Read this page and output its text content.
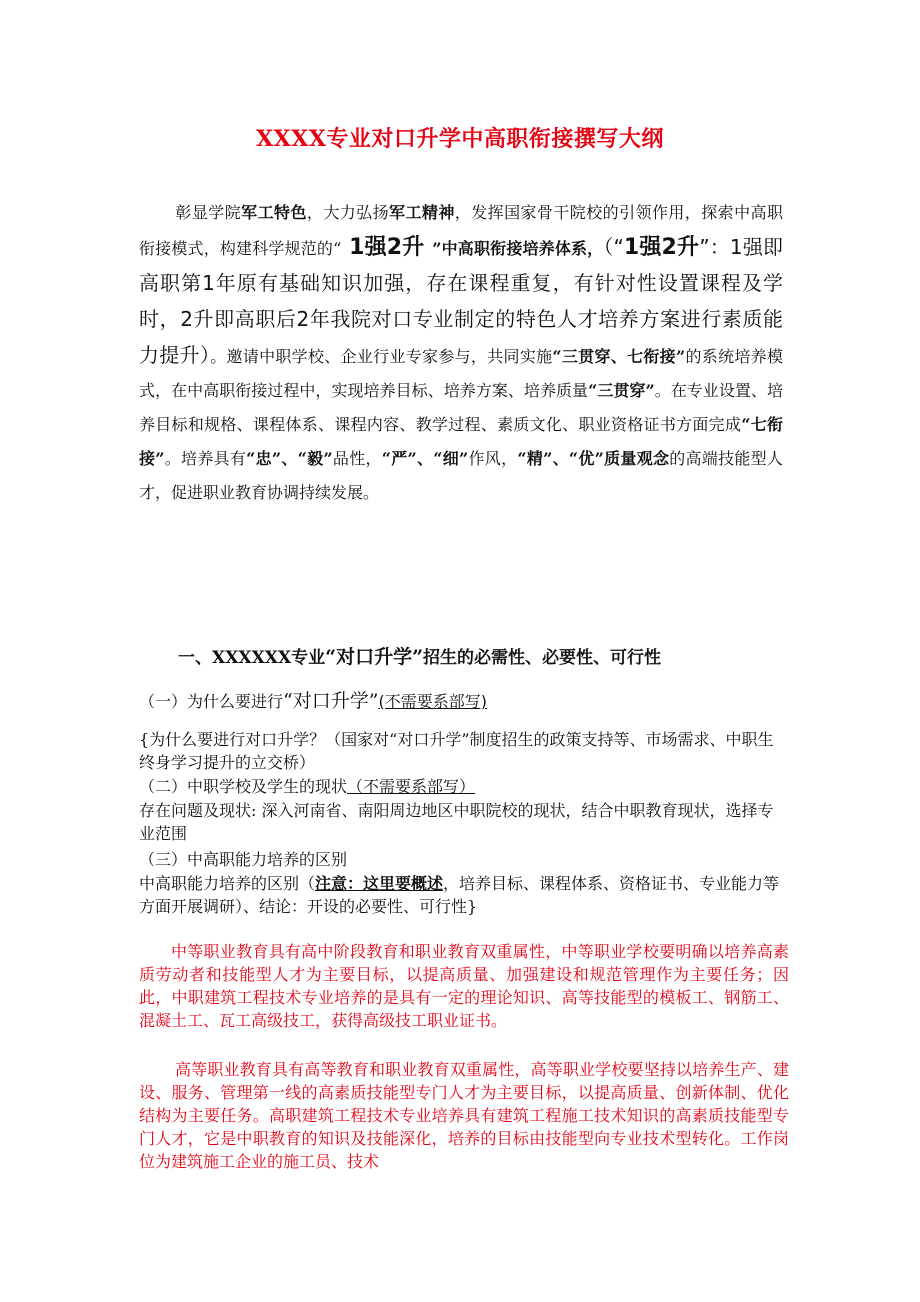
XXXX专业对口升学中高职衔接撰写大纲
彰显学院军工特色，大力弘扬军工精神，发挥国家骨干院校的引领作用，探索中高职衔接模式，构建科学规范的“ 1强2升 ”中高职衔接培养体系，（“1强2升”：1强即高职第1年原有基础知识加强，存在课程重复，有针对性设置课程及学时，2升即高职后2年我院对口专业制定的特色人才培养方案进行素质能力提升）。邀请中职学校、企业行业专家参与，共同实施“三贯穿、七衔接”的系统培养模式，在中高职衔接过程中，实现培养目标、培养方案、培养质量“三贯穿”。在专业设置、培养目标和规格、课程体系、课程内容、教学过程、素质文化、职业资格证书方面完成“七衔接”。培养具有“忠”、“毅”品性，“严”、“细”作风，“精”、“优”质量观念的高端技能型人才，促进职业教育协调持续发展。
一、XXXXXX专业“对口升学”招生的必需性、必要性、可行性
（一）为什么要进行“对口升学”(不需要系部写)
{为什么要进行对口升学？（国家对“对口升学”制度招生的政策支持等、市场需求、中职生终身学习提升的立交桥）
（二）中职学校及学生的现状（不需要系部写）
存在问题及现状: 深入河南省、南阳周边地区中职院校的现状，结合中职教育现状，选择专业范围
（三）中高职能力培养的区别
中高职能力培养的区别（注意：这里要概述，培养目标、课程体系、资格证书、专业能力等方面开展调研）、结论：开设的必要性、可行性}
中等职业教育具有高中阶段教育和职业教育双重属性，中等职业学校要明确以培养高素质劳动者和技能型人才为主要目标，以提高质量、加强建设和规范管理作为主要任务；因此，中职建筑工程技术专业培养的是具有一定的理论知识、高等技能型的模板工、钢筋工、混凝土工、瓦工高级技工，获得高级技工职业证书。
高等职业教育具有高等教育和职业教育双重属性，高等职业学校要坚持以培养生产、建设、服务、管理第一线的高素质技能型专门人才为主要目标，以提高质量、创新体制、优化结构为主要任务。高职建筑工程技术专业培养具有建筑工程施工技术知识的高素质技能型专门人才，它是中职教育的知识及技能深化，培养的目标由技能型向专业技术型转化。工作岗位为建筑施工企业的施工员、技术
